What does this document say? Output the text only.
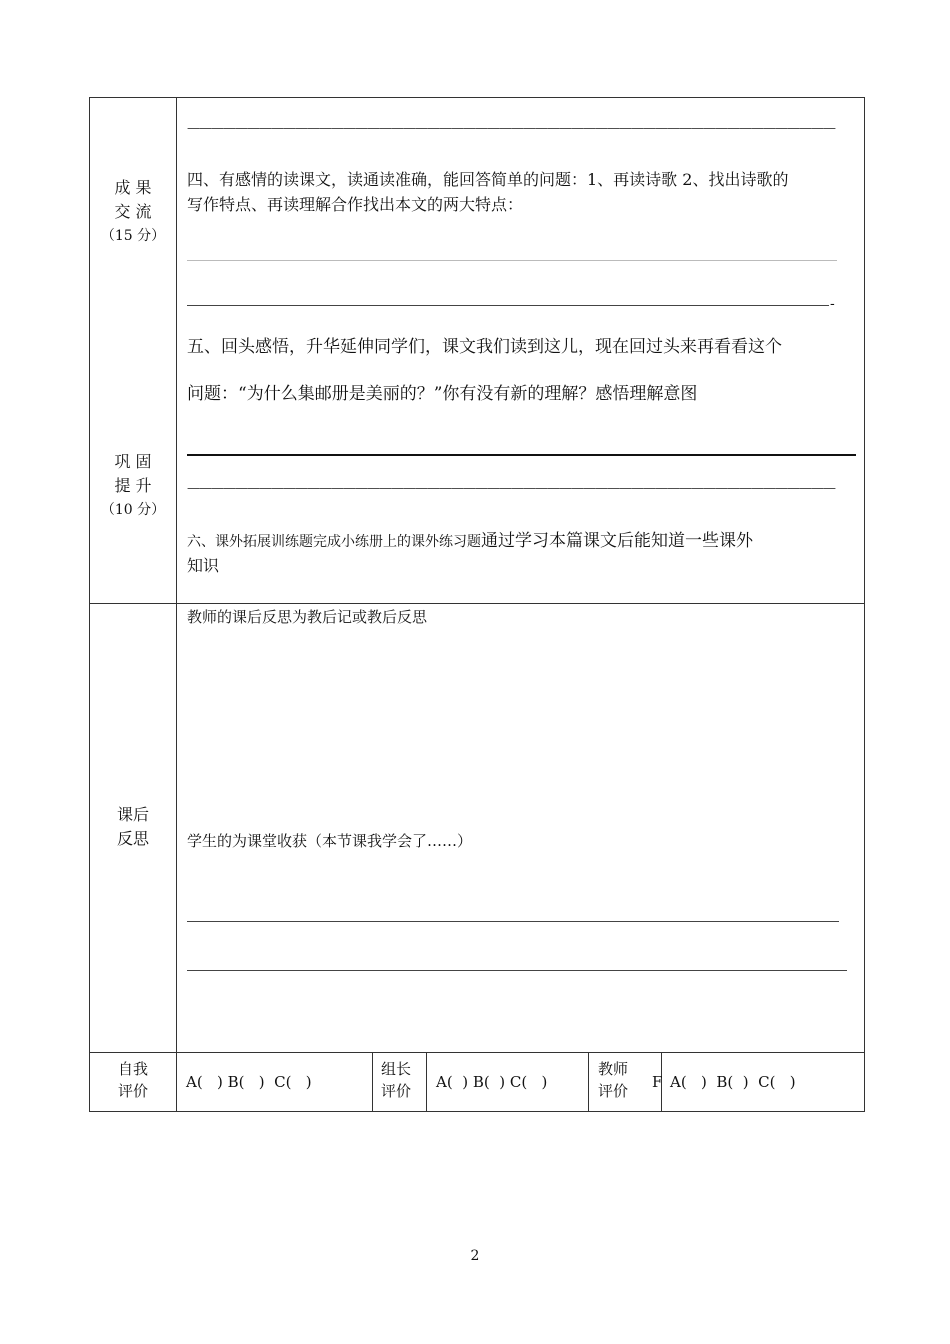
成 果
交 流
（15 分）
巩 固
提 升
（10 分）
课后
反思
——————————————————————————————————————————————————————
四、有感情的读课文，读通读准确，能回答简单的问题：1、再读诗歌 2、找出诗歌的
写作特点、再读理解合作找出本文的两大特点：
-
五、回头感悟，升华延伸同学们，课文我们读到这儿，现在回过头来再看看这个
问题：“为什么集邮册是美丽的？”你有没有新的理解？感悟理解意图
——————————————————————————————————————————————————————
六、课外拓展训练题完成小练册上的课外练习题通过学习本篇课文后能知道一些课外
知识
教师的课后反思为教后记或教后反思
学生的为课堂收获（本节课我学会了……）
自我
评价	A(   ) B(   )  C(   )
组长
评价 A(  ) B(  ) C(   )
教师
评价 F A(   )  B(  )  C(   )
2
